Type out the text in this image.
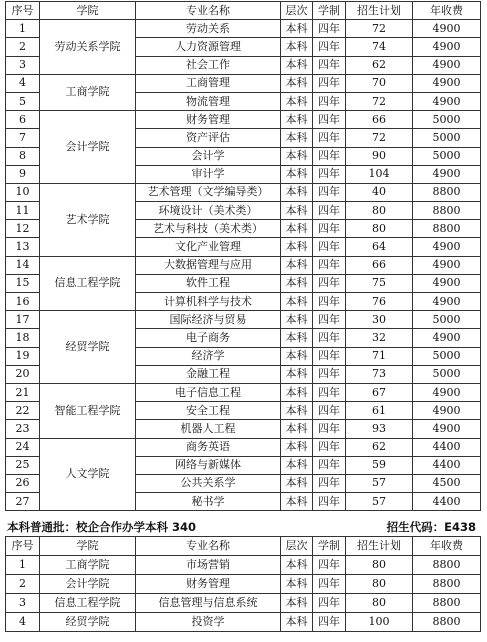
序号	学院	专业名称	层次	学制	招生计划	年收费
1	劳动关系学院	劳动关系	本科	四年	72	4900
2		人力资源管理	本科	四年	74	4900
3		社会工作	本科	四年	62	4900
4	工商学院	工商管理	本科	四年	70	4900
5		物流管理	本科	四年	72	4900
6	会计学院	财务管理	本科	四年	66	5000
7		资产评估	本科	四年	72	5000
8		会计学	本科	四年	90	5000
9		审计学	本科	四年	104	4900
10	艺术学院	艺术管理（文学编导类）	本科	四年	40	8800
11		环境设计（美术类）	本科	四年	80	8800
12		艺术与科技（美术类）	本科	四年	80	8800
13		文化产业管理	本科	四年	64	4900
14	信息工程学院	大数据管理与应用	本科	四年	66	4900
15		软件工程	本科	四年	75	4900
16		计算机科学与技术	本科	四年	76	4900
17	经贸学院	国际经济与贸易	本科	四年	30	5000
18		电子商务	本科	四年	32	4900
19		经济学	本科	四年	71	5000
20		金融工程	本科	四年	73	5000
21	智能工程学院	电子信息工程	本科	四年	67	4900
22		安全工程	本科	四年	61	4900
23		机器人工程	本科	四年	93	4900
24	人文学院	商务英语	本科	四年	62	4400
25		网络与新媒体	本科	四年	59	4400
26		公共关系学	本科	四年	57	4500
27		秘书学	本科	四年	57	4400
本科普通批：校企合作办学本科 340	招生代码：E438
序号	学院	专业名称	层次	学制	招生计划	年收费
1	工商学院	市场营销	本科	四年	80	8800
2	会计学院	财务管理	本科	四年	80	8800
3	信息工程学院	信息管理与信息系统	本科	四年	80	8800
4	经贸学院	投资学	本科	四年	100	8800
